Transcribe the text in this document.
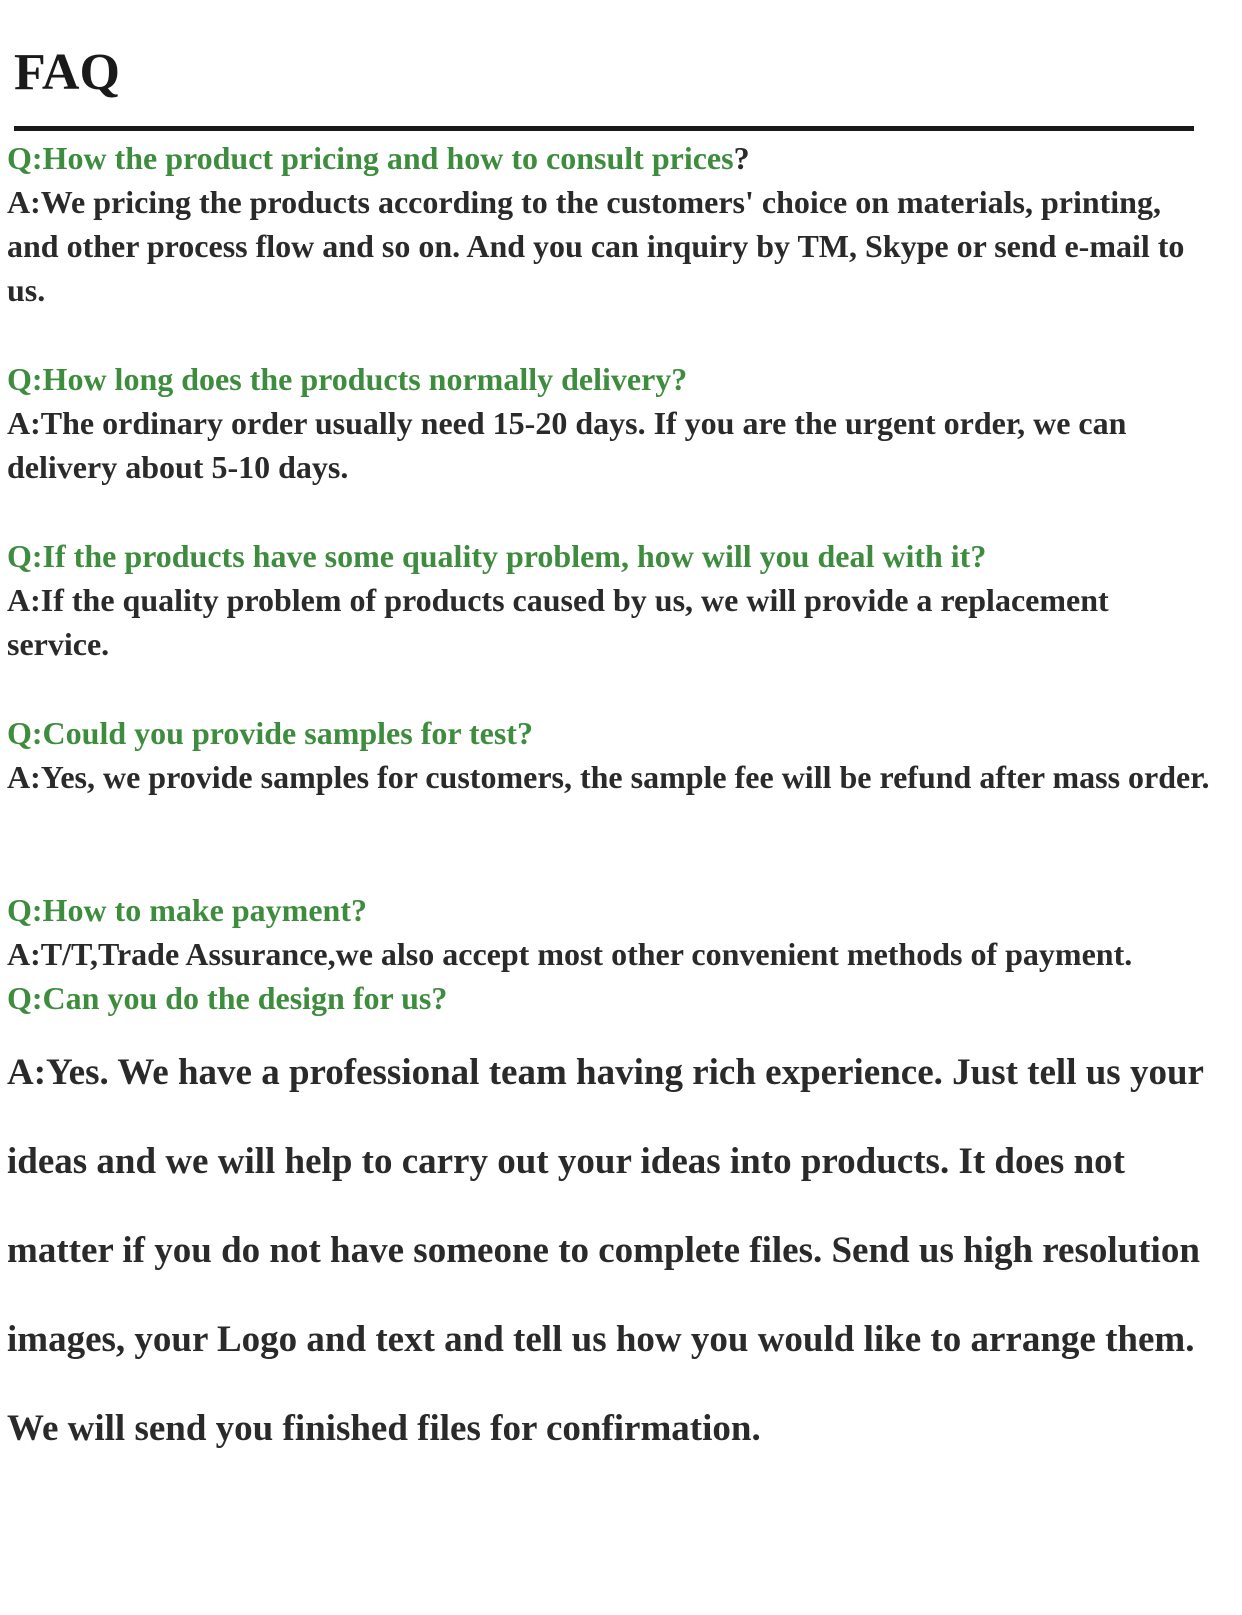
FAQ

Q:How the product pricing and how to consult prices?

A:We pricing the products according to the customers' choice on materials, printing, and other process flow and so on. And you can inquiry by TM, Skype or send e-mail to us.

Q:How long does the products normally delivery?

A:The ordinary order usually need 15-20 days. If you are the urgent order, we can delivery about 5-10 days.

Q:If the products have some quality problem, how will you deal with it?

A:If the quality problem of products caused by us, we will provide a replacement service.

Q:Could you provide samples for test?

A:Yes, we provide samples for customers, the sample fee will be refund after mass order.

Q:How to make payment?

A:T/T,Trade Assurance,we also accept most other convenient methods of payment.

Q:Can you do the design for us?

A:Yes. We have a professional team having rich experience. Just tell us your ideas and we will help to carry out your ideas into products. It does not matter if you do not have someone to complete files. Send us high resolution images, your Logo and text and tell us how you would like to arrange them. We will send you finished files for confirmation.
